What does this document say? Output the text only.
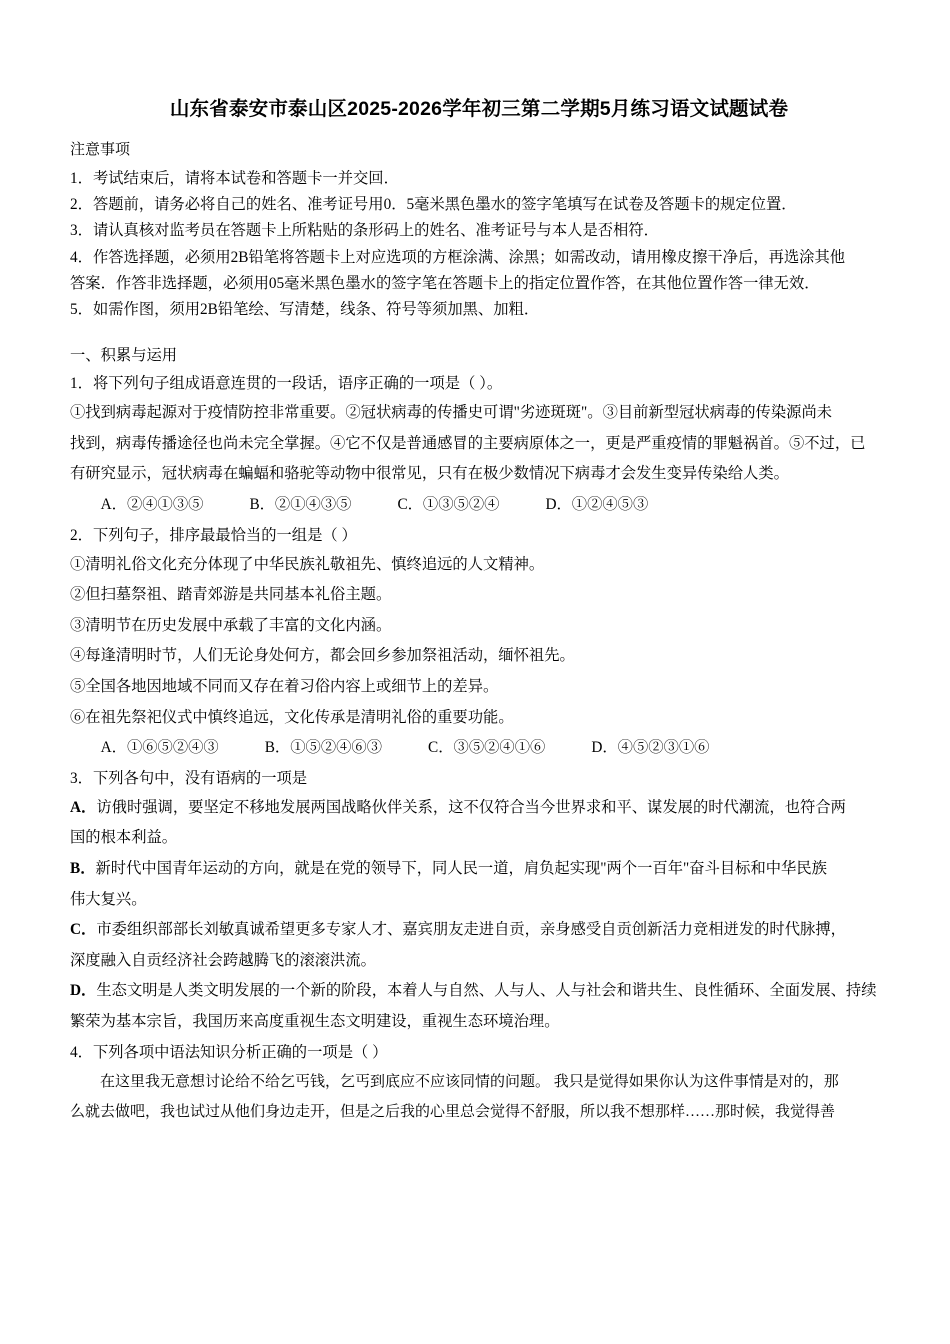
山东省泰安市泰山区2025-2026学年初三第二学期5月练习语文试题试卷
注意事项
1．考试结束后，请将本试卷和答题卡一并交回．
2．答题前，请务必将自己的姓名、准考证号用0．5毫米黑色墨水的签字笔填写在试卷及答题卡的规定位置．
3．请认真核对监考员在答题卡上所粘贴的条形码上的姓名、准考证号与本人是否相符．
4．作答选择题，必须用2B铅笔将答题卡上对应选项的方框涂满、涂黑；如需改动，请用橡皮擦干净后，再选涂其他
答案．作答非选择题，必须用05毫米黑色墨水的签字笔在答题卡上的指定位置作答，在其他位置作答一律无效．
5．如需作图，须用2B铅笔绘、写清楚，线条、符号等须加黑、加粗．
一、积累与运用
1．将下列句子组成语意连贯的一段话，语序正确的一项是（ ）。
①找到病毒起源对于疫情防控非常重要。②冠状病毒的传播史可谓"劣迹斑斑"。③目前新型冠状病毒的传染源尚未
找到，病毒传播途径也尚未完全掌握。④它不仅是普通感冒的主要病原体之一，更是严重疫情的罪魁祸首。⑤不过，已
有研究显示，冠状病毒在蝙蝠和骆驼等动物中很常见，只有在极少数情况下病毒才会发生变异传染给人类。
A．②④①③⑤	B．②①④③⑤	C．①③⑤②④	D．①②④⑤③
2．下列句子，排序最最恰当的一组是（ ）
①清明礼俗文化充分体现了中华民族礼敬祖先、慎终追远的人文精神。
②但扫墓祭祖、踏青郊游是共同基本礼俗主题。
③清明节在历史发展中承载了丰富的文化内涵。
④每逢清明时节，人们无论身处何方，都会回乡参加祭祖活动，缅怀祖先。
⑤全国各地因地域不同而又存在着习俗内容上或细节上的差异。
⑥在祖先祭祀仪式中慎终追远，文化传承是清明礼俗的重要功能。
A．①⑥⑤②④③	B．①⑤②④⑥③	C．③⑤②④①⑥	D．④⑤②③①⑥
3．下列各句中，没有语病的一项是
A．访俄时强调，要坚定不移地发展两国战略伙伴关系，这不仅符合当今世界求和平、谋发展的时代潮流，也符合两
国的根本利益。
B．新时代中国青年运动的方向，就是在党的领导下，同人民一道，肩负起实现"两个一百年"奋斗目标和中华民族
伟大复兴。
C．市委组织部部长刘敏真诚希望更多专家人才、嘉宾朋友走进自贡，亲身感受自贡创新活力竞相迸发的时代脉搏，
深度融入自贡经济社会跨越腾飞的滚滚洪流。
D．生态文明是人类文明发展的一个新的阶段，本着人与自然、人与人、人与社会和谐共生、良性循环、全面发展、持续
繁荣为基本宗旨，我国历来高度重视生态文明建设，重视生态环境治理。
4．下列各项中语法知识分析正确的一项是（ ）
在这里我无意想讨论给不给乞丐钱，乞丐到底应不应该同情的问题。 我只是觉得如果你认为这件事情是对的，那
么就去做吧，我也试过从他们身边走开，但是之后我的心里总会觉得不舒服，所以我不想那样……那时候，我觉得善
